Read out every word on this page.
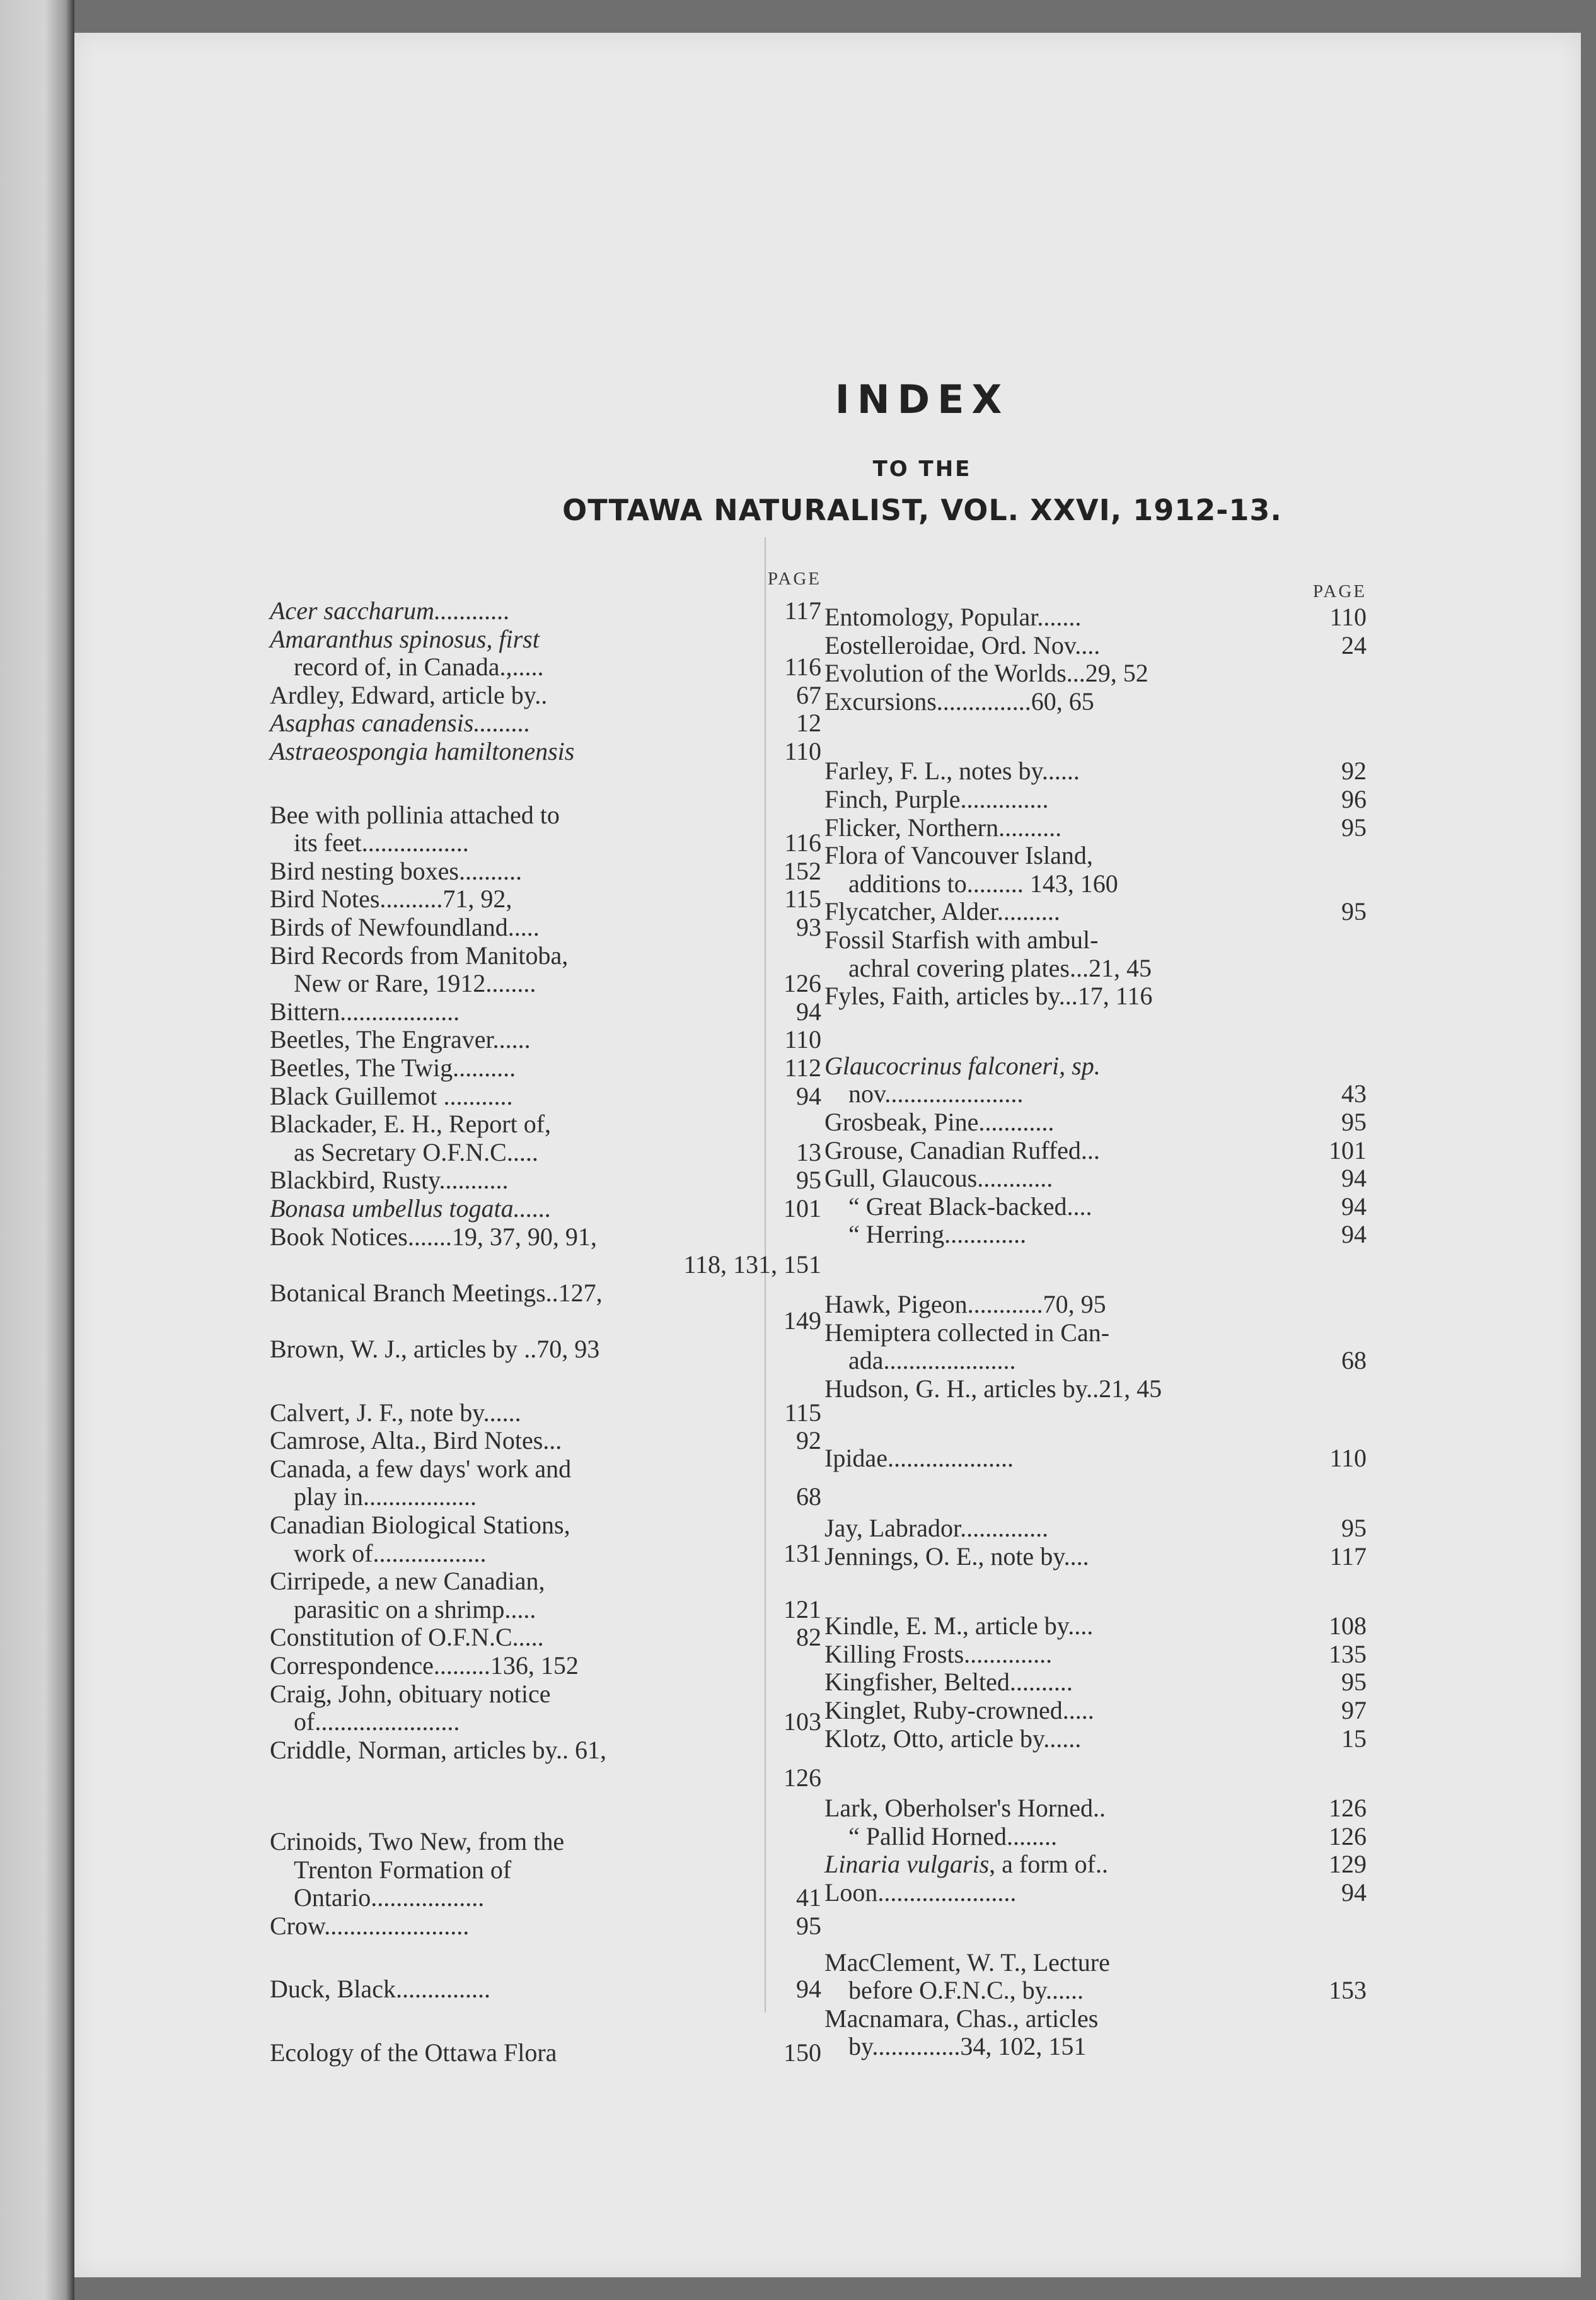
INDEX
TO THE
OTTAWA NATURALIST, VOL. XXVI, 1912-13.
PAGE
Acer saccharum............	117
Amaranthus spinosus, first
record of, in Canada.,.....	116
Ardley, Edward, article by..	67
Asaphas canadensis.........	12
Astraeospongia hamiltonensis	110
Bee with pollinia attached to
its feet.................	116
Bird nesting boxes..........	152
Bird Notes..........71, 92,	115
Birds of Newfoundland.....	93
Bird Records from Manitoba,
New or Rare, 1912........	126
Bittern...................	94
Beetles, The Engraver......	110
Beetles, The Twig..........	112
Black Guillemot ...........	94
Blackader, E. H., Report of,
as Secretary O.F.N.C.....	13
Blackbird, Rusty...........	95
Bonasa umbellus togata......	101
Book Notices.......19, 37, 90, 91,
118, 131, 151
Botanical Branch Meetings..127,
149
Brown, W. J., articles by ..70, 93
Calvert, J. F., note by......	115
Camrose, Alta., Bird Notes...	92
Canada, a few days' work and
play in..................	68
Canadian Biological Stations,
work of..................	131
Cirripede, a new Canadian,
parasitic on a shrimp.....	121
Constitution of O.F.N.C.....	82
Correspondence.........136, 152
Craig, John, obituary notice
of.......................	103
Criddle, Norman, articles by.. 61,
126
Crinoids, Two New, from the
Trenton Formation of
Ontario..................	41
Crow.......................	95
Duck, Black...............	94
Ecology of the Ottawa Flora	150
PAGE
Entomology, Popular.......	110
Eostelleroidae, Ord. Nov....	24
Evolution of the Worlds...29, 52
Excursions...............60, 65
Farley, F. L., notes by......	92
Finch, Purple..............	96
Flicker, Northern..........	95
Flora of Vancouver Island,
additions to......... 143, 160
Flycatcher, Alder..........	95
Fossil Starfish with ambul-
achral covering plates...21, 45
Fyles, Faith, articles by...17, 116
Glaucocrinus falconeri, sp.
nov......................	43
Grosbeak, Pine............	95
Grouse, Canadian Ruffed...	101
Gull, Glaucous............	94
“ Great Black-backed....	94
“ Herring.............	94
Hawk, Pigeon............70, 95
Hemiptera collected in Can-
ada.....................	68
Hudson, G. H., articles by..21, 45
Ipidae....................	110
Jay, Labrador..............	95
Jennings, O. E., note by....	117
Kindle, E. M., article by....	108
Killing Frosts..............	135
Kingfisher, Belted..........	95
Kinglet, Ruby-crowned.....	97
Klotz, Otto, article by......	15
Lark, Oberholser's Horned..	126
“ Pallid Horned........	126
Linaria vulgaris, a form of..	129
Loon......................	94
MacClement, W. T., Lecture
before O.F.N.C., by......	153
Macnamara, Chas., articles
by..............34, 102, 151
